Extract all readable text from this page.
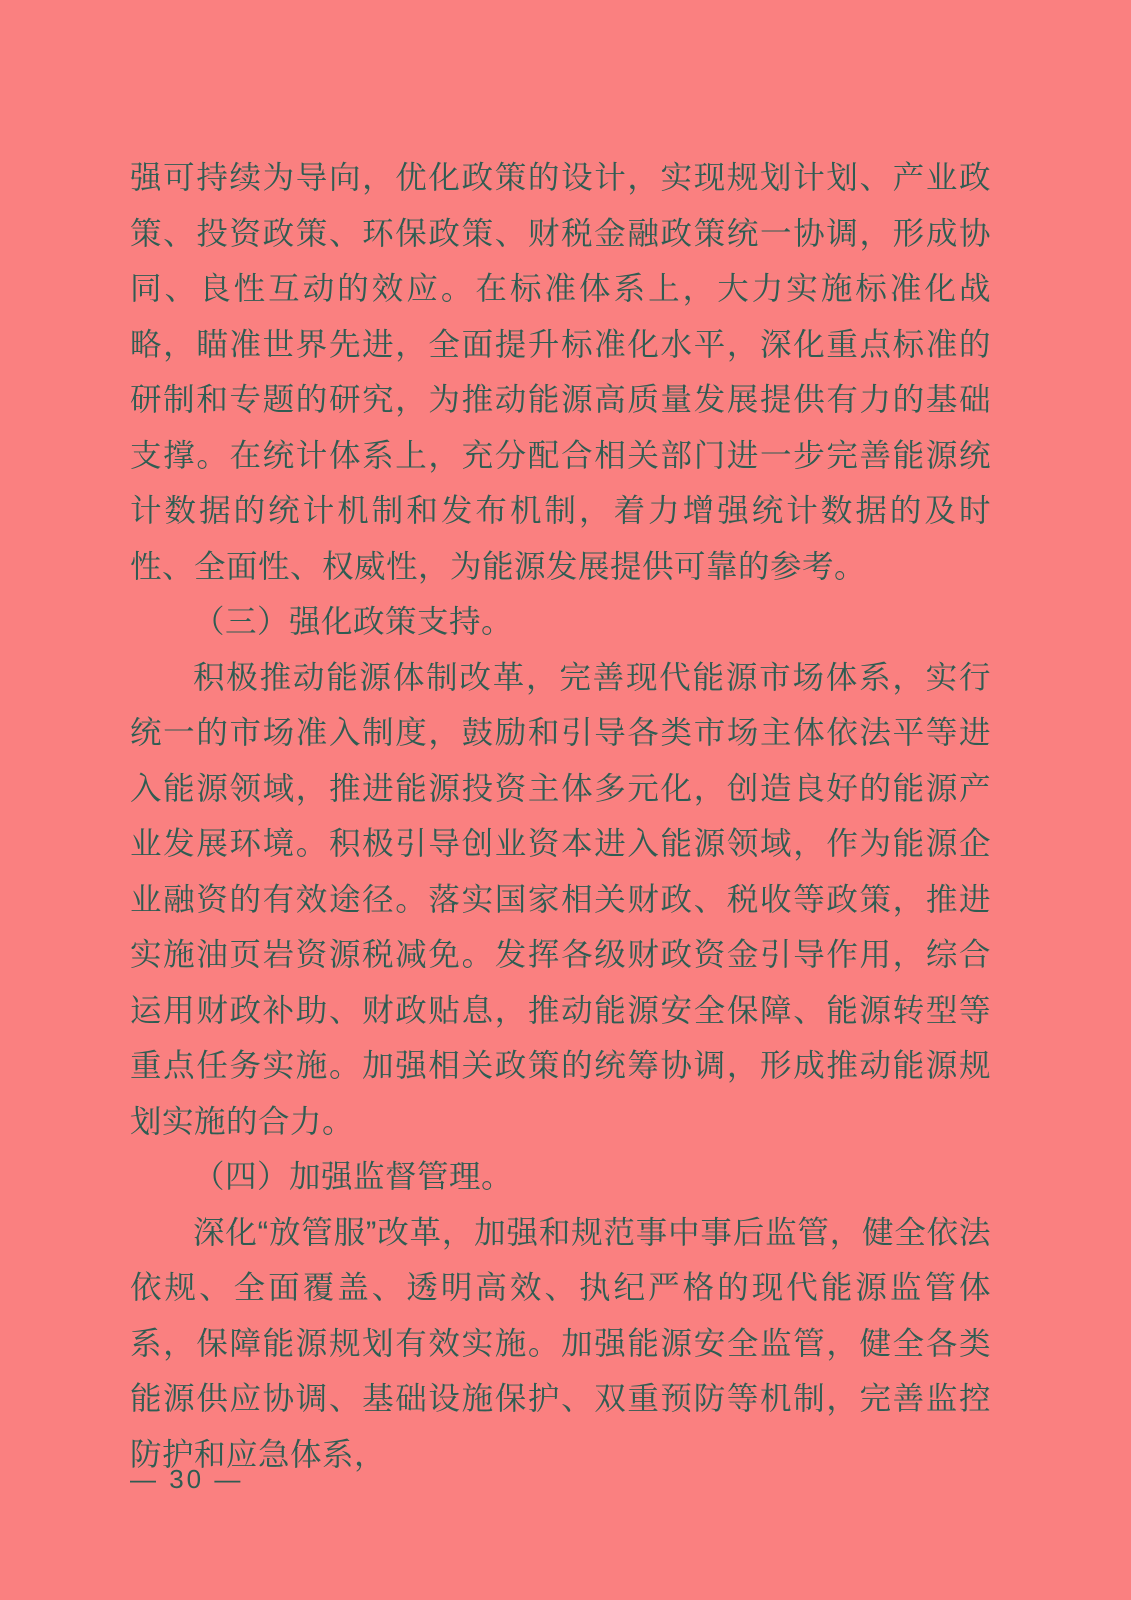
强可持续为导向，优化政策的设计，实现规划计划、产业政策、投资政策、环保政策、财税金融政策统一协调，形成协同、良性互动的效应。在标准体系上，大力实施标准化战略，瞄准世界先进，全面提升标准化水平，深化重点标准的研制和专题的研究，为推动能源高质量发展提供有力的基础支撑。在统计体系上，充分配合相关部门进一步完善能源统计数据的统计机制和发布机制，着力增强统计数据的及时性、全面性、权威性，为能源发展提供可靠的参考。

（三）强化政策支持。

积极推动能源体制改革，完善现代能源市场体系，实行统一的市场准入制度，鼓励和引导各类市场主体依法平等进入能源领域，推进能源投资主体多元化，创造良好的能源产业发展环境。积极引导创业资本进入能源领域，作为能源企业融资的有效途径。落实国家相关财政、税收等政策，推进实施油页岩资源税减免。发挥各级财政资金引导作用，综合运用财政补助、财政贴息，推动能源安全保障、能源转型等重点任务实施。加强相关政策的统筹协调，形成推动能源规划实施的合力。

（四）加强监督管理。

深化“放管服”改革，加强和规范事中事后监管，健全依法依规、全面覆盖、透明高效、执纪严格的现代能源监管体系，保障能源规划有效实施。加强能源安全监管，健全各类能源供应协调、基础设施保护、双重预防等机制，完善监控防护和应急体系，

— 30 —
